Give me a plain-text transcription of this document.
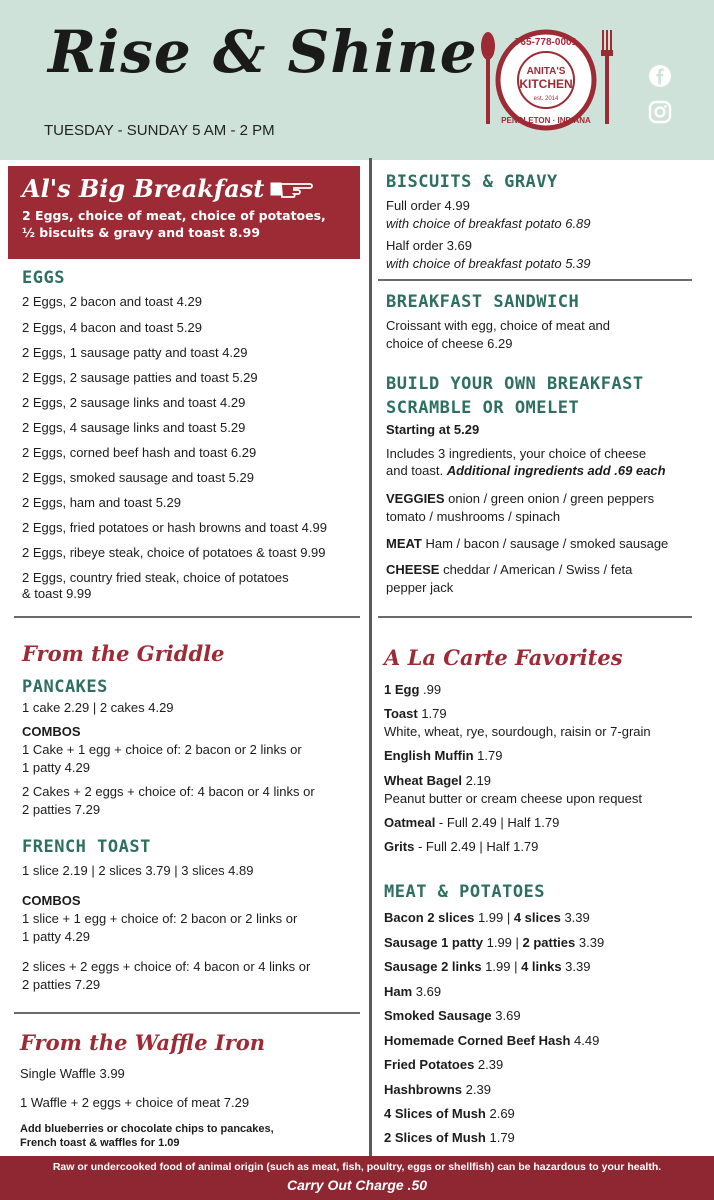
Rise & Shine
TUESDAY - SUNDAY 5 AM - 2 PM
765-778-0001
ANITA'S
KITCHEN
est. 2014
PENDLETON · INDIANA
Al's Big Breakfast
2 Eggs, choice of meat, choice of potatoes,
½ biscuits & gravy and toast 8.99
EGGS
2 Eggs, 2 bacon and toast 4.29
2 Eggs, 4 bacon and toast 5.29
2 Eggs, 1 sausage patty and toast 4.29
2 Eggs, 2 sausage patties and toast 5.29
2 Eggs, 2 sausage links and toast 4.29
2 Eggs, 4 sausage links and toast 5.29
2 Eggs, corned beef hash and toast 6.29
2 Eggs, smoked sausage and toast 5.29
2 Eggs, ham and toast 5.29
2 Eggs, fried potatoes or hash browns and toast 4.99
2 Eggs, ribeye steak, choice of potatoes & toast 9.99
2 Eggs, country fried steak, choice of potatoes
& toast 9.99
From the Griddle
PANCAKES
1 cake 2.29 | 2 cakes 4.29
COMBOS
1 Cake + 1 egg + choice of: 2 bacon or 2 links or
1 patty 4.29
2 Cakes + 2 eggs + choice of: 4 bacon or 4 links or
2 patties 7.29
FRENCH TOAST
1 slice 2.19 | 2 slices 3.79 | 3 slices 4.89
COMBOS
1 slice + 1 egg + choice of: 2 bacon or 2 links or
1 patty 4.29
2 slices + 2 eggs + choice of: 4 bacon or 4 links or
2 patties 7.29
From the Waffle Iron
Single Waffle 3.99
1 Waffle + 2 eggs + choice of meat 7.29
Add blueberries or chocolate chips to pancakes,
French toast & waffles for 1.09
BISCUITS & GRAVY
Full order 4.99
with choice of breakfast potato 6.89
Half order 3.69
with choice of breakfast potato 5.39
BREAKFAST SANDWICH
Croissant with egg, choice of meat and
choice of cheese 6.29
BUILD YOUR OWN BREAKFAST
SCRAMBLE OR OMELET
Starting at 5.29
Includes 3 ingredients, your choice of cheese
and toast. Additional ingredients add .69 each
VEGGIES onion / green onion / green peppers
tomato / mushrooms / spinach
MEAT Ham / bacon / sausage / smoked sausage
CHEESE cheddar / American / Swiss / feta
pepper jack
A La Carte Favorites
1 Egg .99
Toast 1.79
White, wheat, rye, sourdough, raisin or 7-grain
English Muffin 1.79
Wheat Bagel 2.19
Peanut butter or cream cheese upon request
Oatmeal - Full 2.49 | Half 1.79
Grits - Full 2.49 | Half 1.79
MEAT & POTATOES
Bacon 2 slices 1.99 | 4 slices 3.39
Sausage 1 patty 1.99 | 2 patties 3.39
Sausage 2 links 1.99 | 4 links 3.39
Ham 3.69
Smoked Sausage 3.69
Homemade Corned Beef Hash 4.49
Fried Potatoes 2.39
Hashbrowns 2.39
4 Slices of Mush 2.69
2 Slices of Mush 1.79
Raw or undercooked food of animal origin (such as meat, fish, poultry, eggs or shellfish) can be hazardous to your health.
Carry Out Charge .50
